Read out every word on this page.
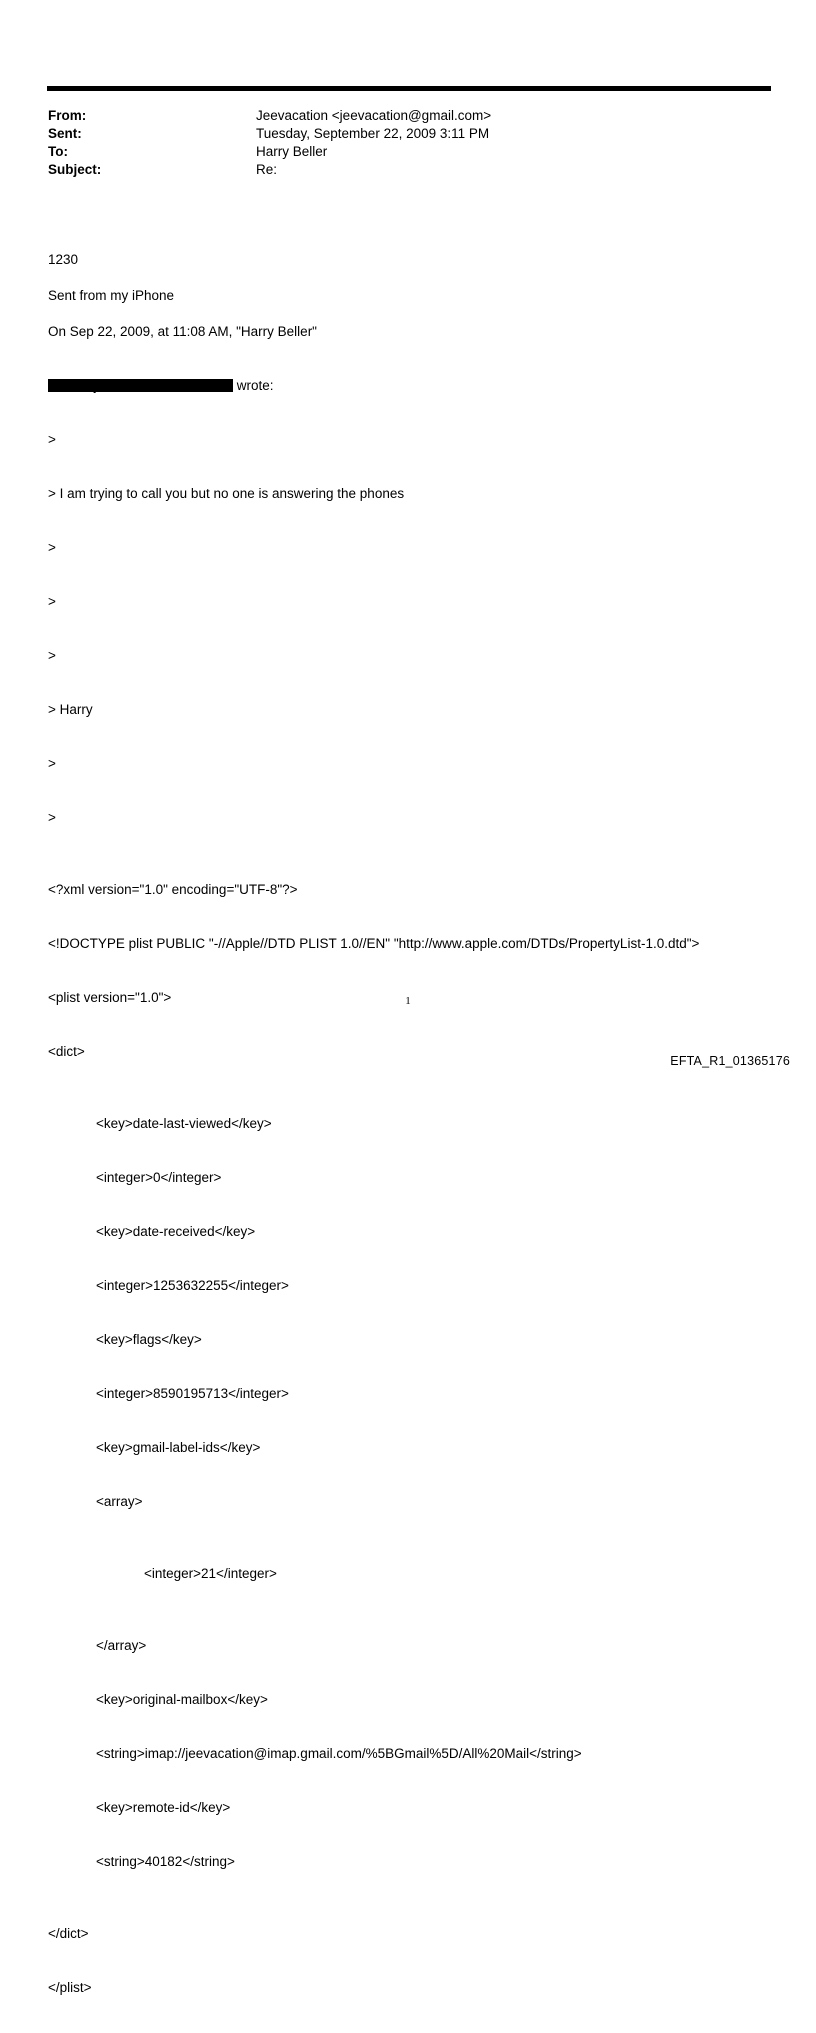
From:	Jeevacation <jeevacation@gmail.com>
Sent:	Tuesday, September 22, 2009 3:11 PM
To:	Harry Beller
Subject:	Re:

1230

Sent from my iPhone

On Sep 22, 2009, at 11:08 AM, "Harry Beller"

wrote:

> Jeffrey

>

> I am trying to call you but no one is answering the phones

>

>

>

> Harry

>

>

<?xml version="1.0" encoding="UTF-8"?>

<!DOCTYPE plist PUBLIC "-//Apple//DTD PLIST 1.0//EN" "http://www.apple.com/DTDs/PropertyList-1.0.dtd">

<plist version="1.0">

<dict>

<key>date-last-viewed</key>

<integer>0</integer>

<key>date-received</key>

<integer>1253632255</integer>

<key>flags</key>

<integer>8590195713</integer>

<key>gmail-label-ids</key>

<array>

<integer>21</integer>

</array>

<key>original-mailbox</key>

<string>imap://jeevacation@imap.gmail.com/%5BGmail%5D/All%20Mail</string>

<key>remote-id</key>

<string>40182</string>

</dict>

</plist>

1
EFTA_R1_01365176
